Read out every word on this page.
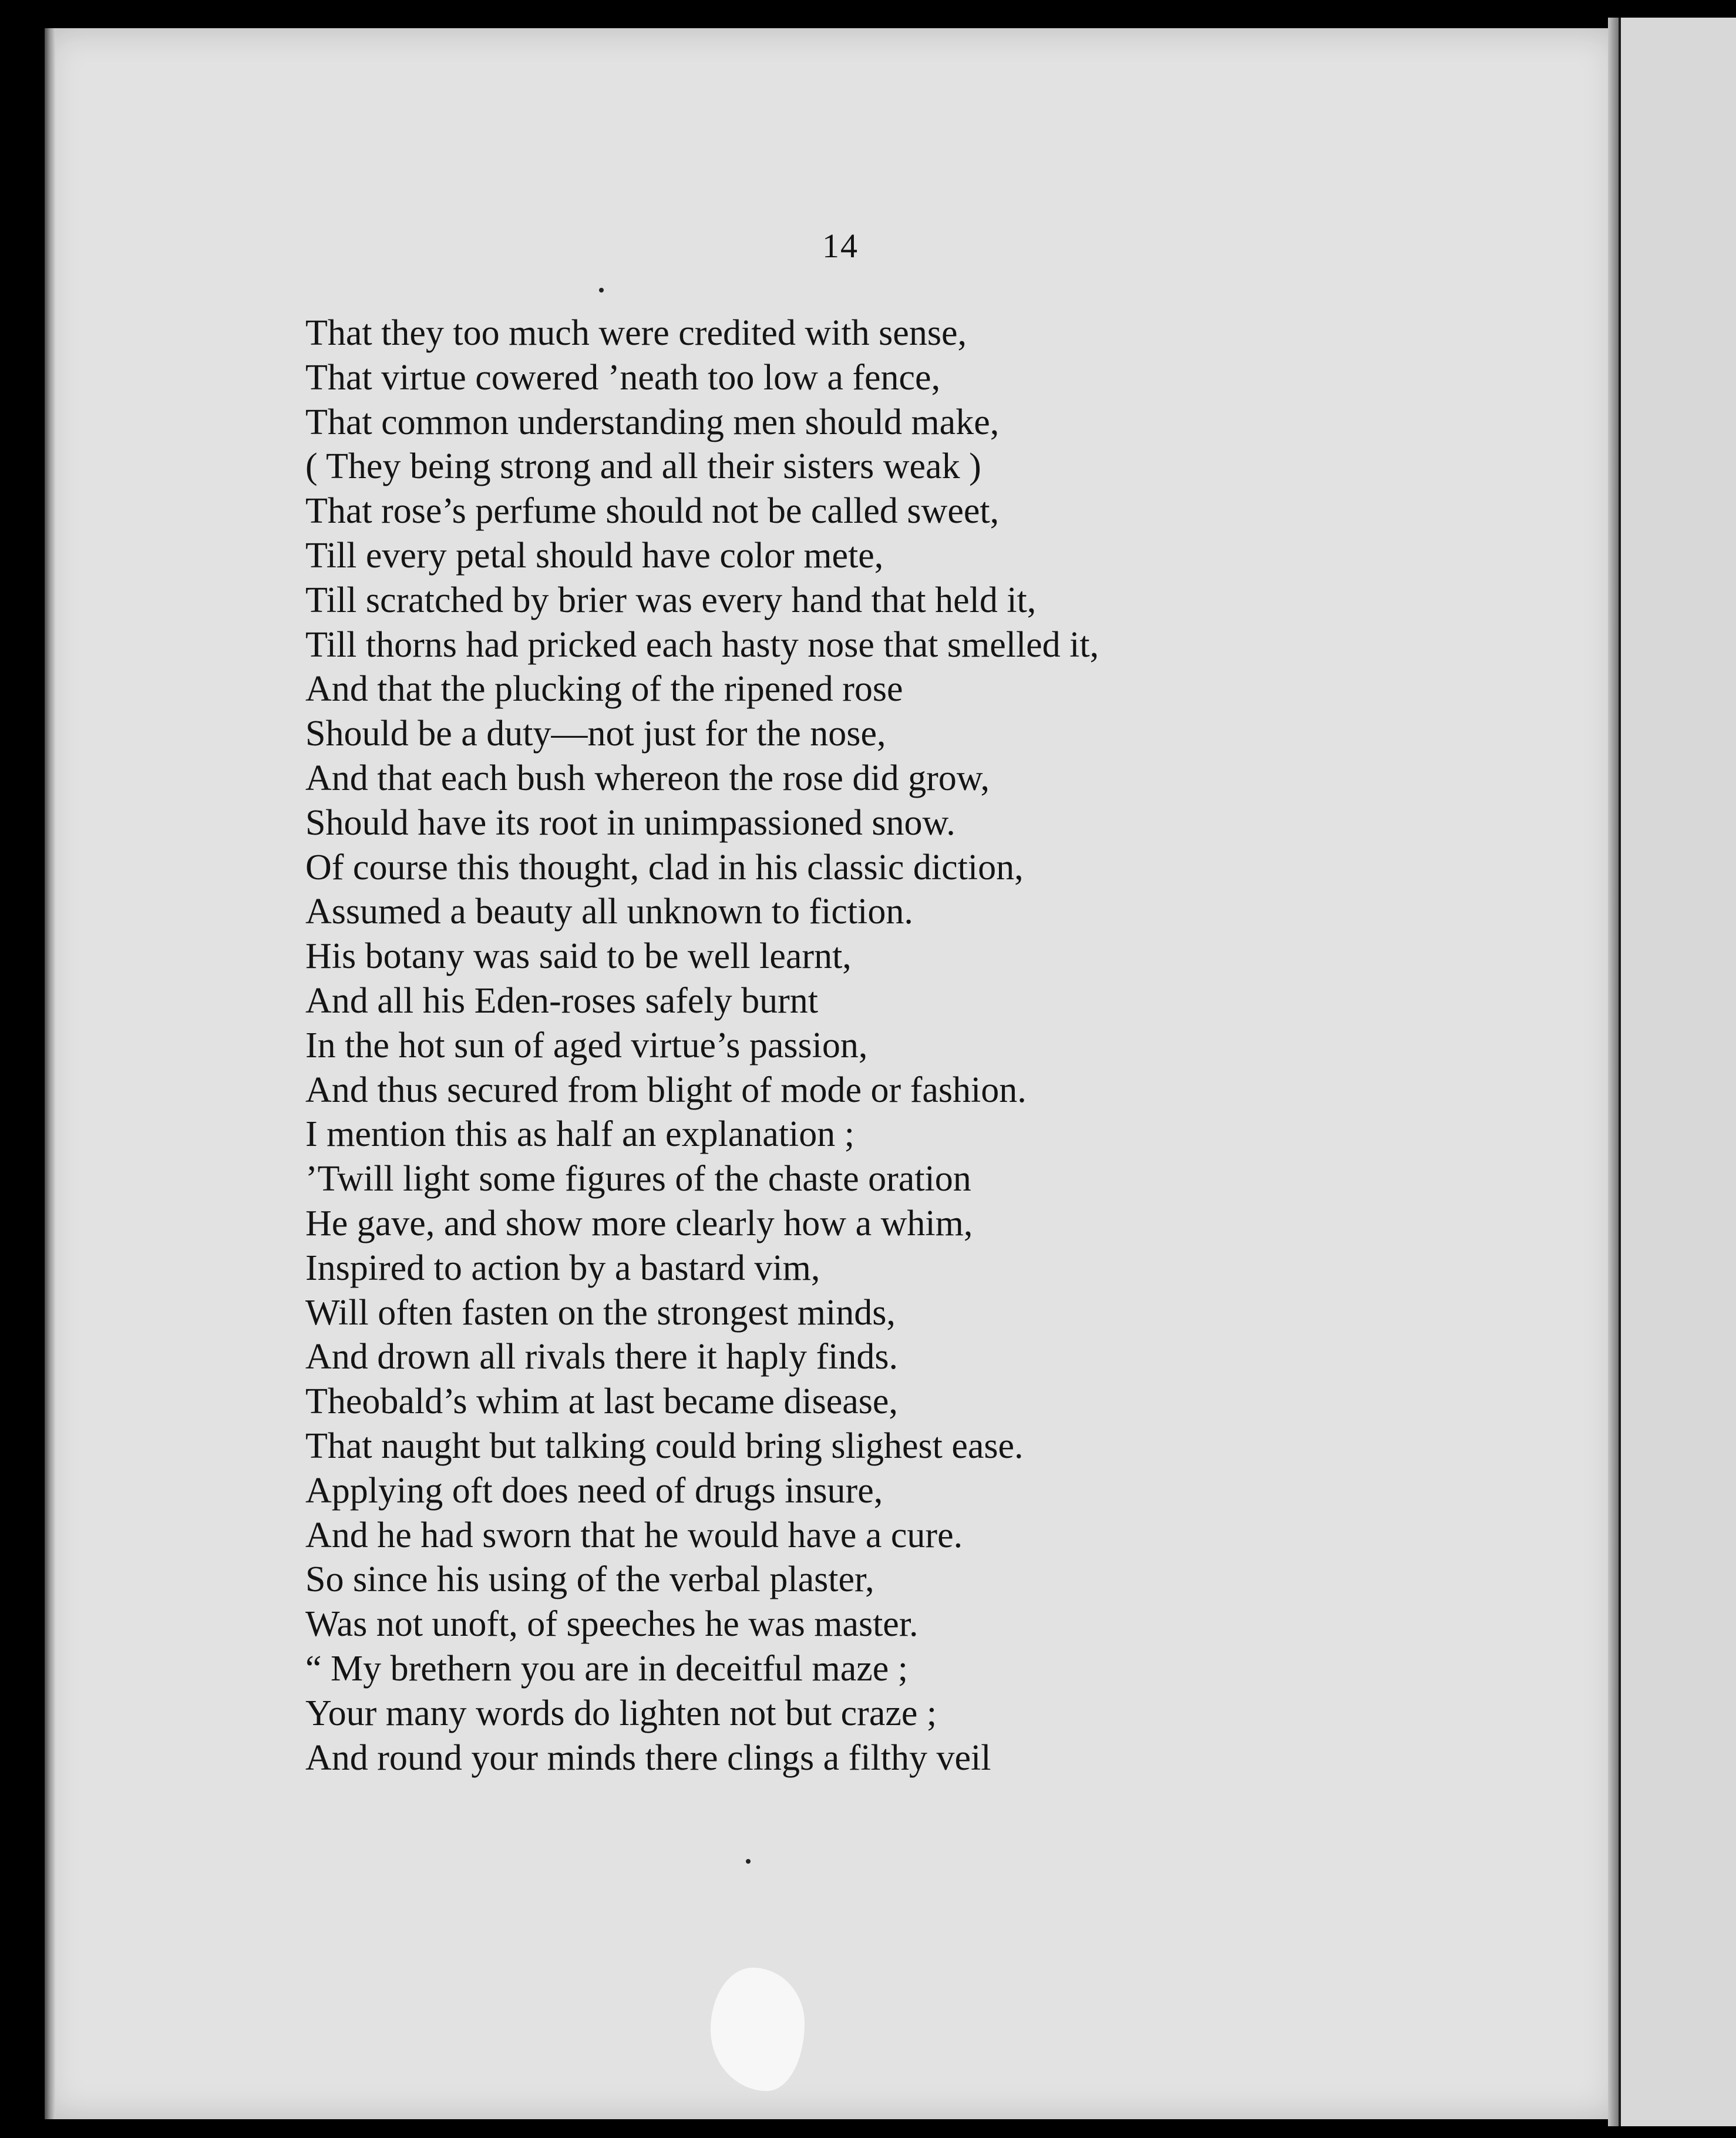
14
That they too much were credited with sense,
That virtue cowered ’neath too low a fence,
That common understanding men should make,
( They being strong and all their sisters weak )
That rose’s perfume should not be called sweet,
Till every petal should have color mete,
Till scratched by brier was every hand that held it,
Till thorns had pricked each hasty nose that smelled it,
And that the plucking of the ripened rose
Should be a duty—not just for the nose,
And that each bush whereon the rose did grow,
Should have its root in unimpassioned snow.
Of course this thought, clad in his classic diction,
Assumed a beauty all unknown to fiction.
His botany was said to be well learnt,
And all his Eden-roses safely burnt
In the hot sun of aged virtue’s passion,
And thus secured from blight of mode or fashion.
I mention this as half an explanation ;
’Twill light some figures of the chaste oration
He gave, and show more clearly how a whim,
Inspired to action by a bastard vim,
Will often fasten on the strongest minds,
And drown all rivals there it haply finds.
Theobald’s whim at last became disease,
That naught but talking could bring slighest ease.
Applying oft does need of drugs insure,
And he had sworn that he would have a cure.
So since his using of the verbal plaster,
Was not unoft, of speeches he was master.
“ My brethern you are in deceitful maze ;
Your many words do lighten not but craze ;
And round your minds there clings a filthy veil
